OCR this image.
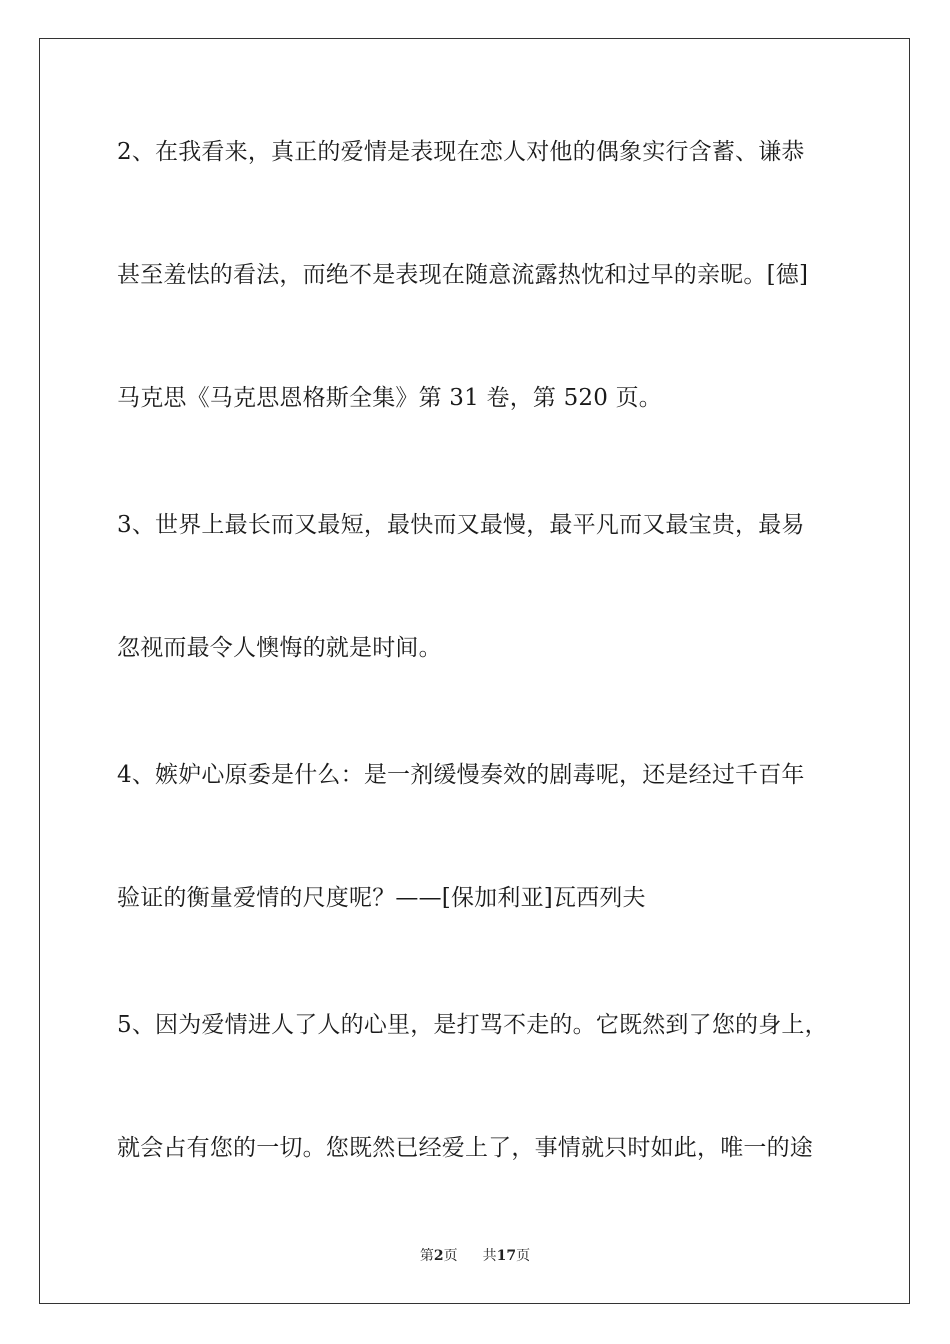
2、在我看来，真正的爱情是表现在恋人对他的偶象实行含蓄、谦恭
甚至羞怯的看法，而绝不是表现在随意流露热忱和过早的亲昵。[德]
马克思《马克思恩格斯全集》第 31 卷，第 520 页。
3、世界上最长而又最短，最快而又最慢，最平凡而又最宝贵，最易
忽视而最令人懊悔的就是时间。
4、嫉妒心原委是什么：是一剂缓慢奏效的剧毒呢，还是经过千百年
验证的衡量爱情的尺度呢？——[保加利亚]瓦西列夫
5、因为爱情进人了人的心里，是打骂不走的。它既然到了您的身上，
就会占有您的一切。您既然已经爱上了，事情就只时如此，唯一的途
第2页 共17页
